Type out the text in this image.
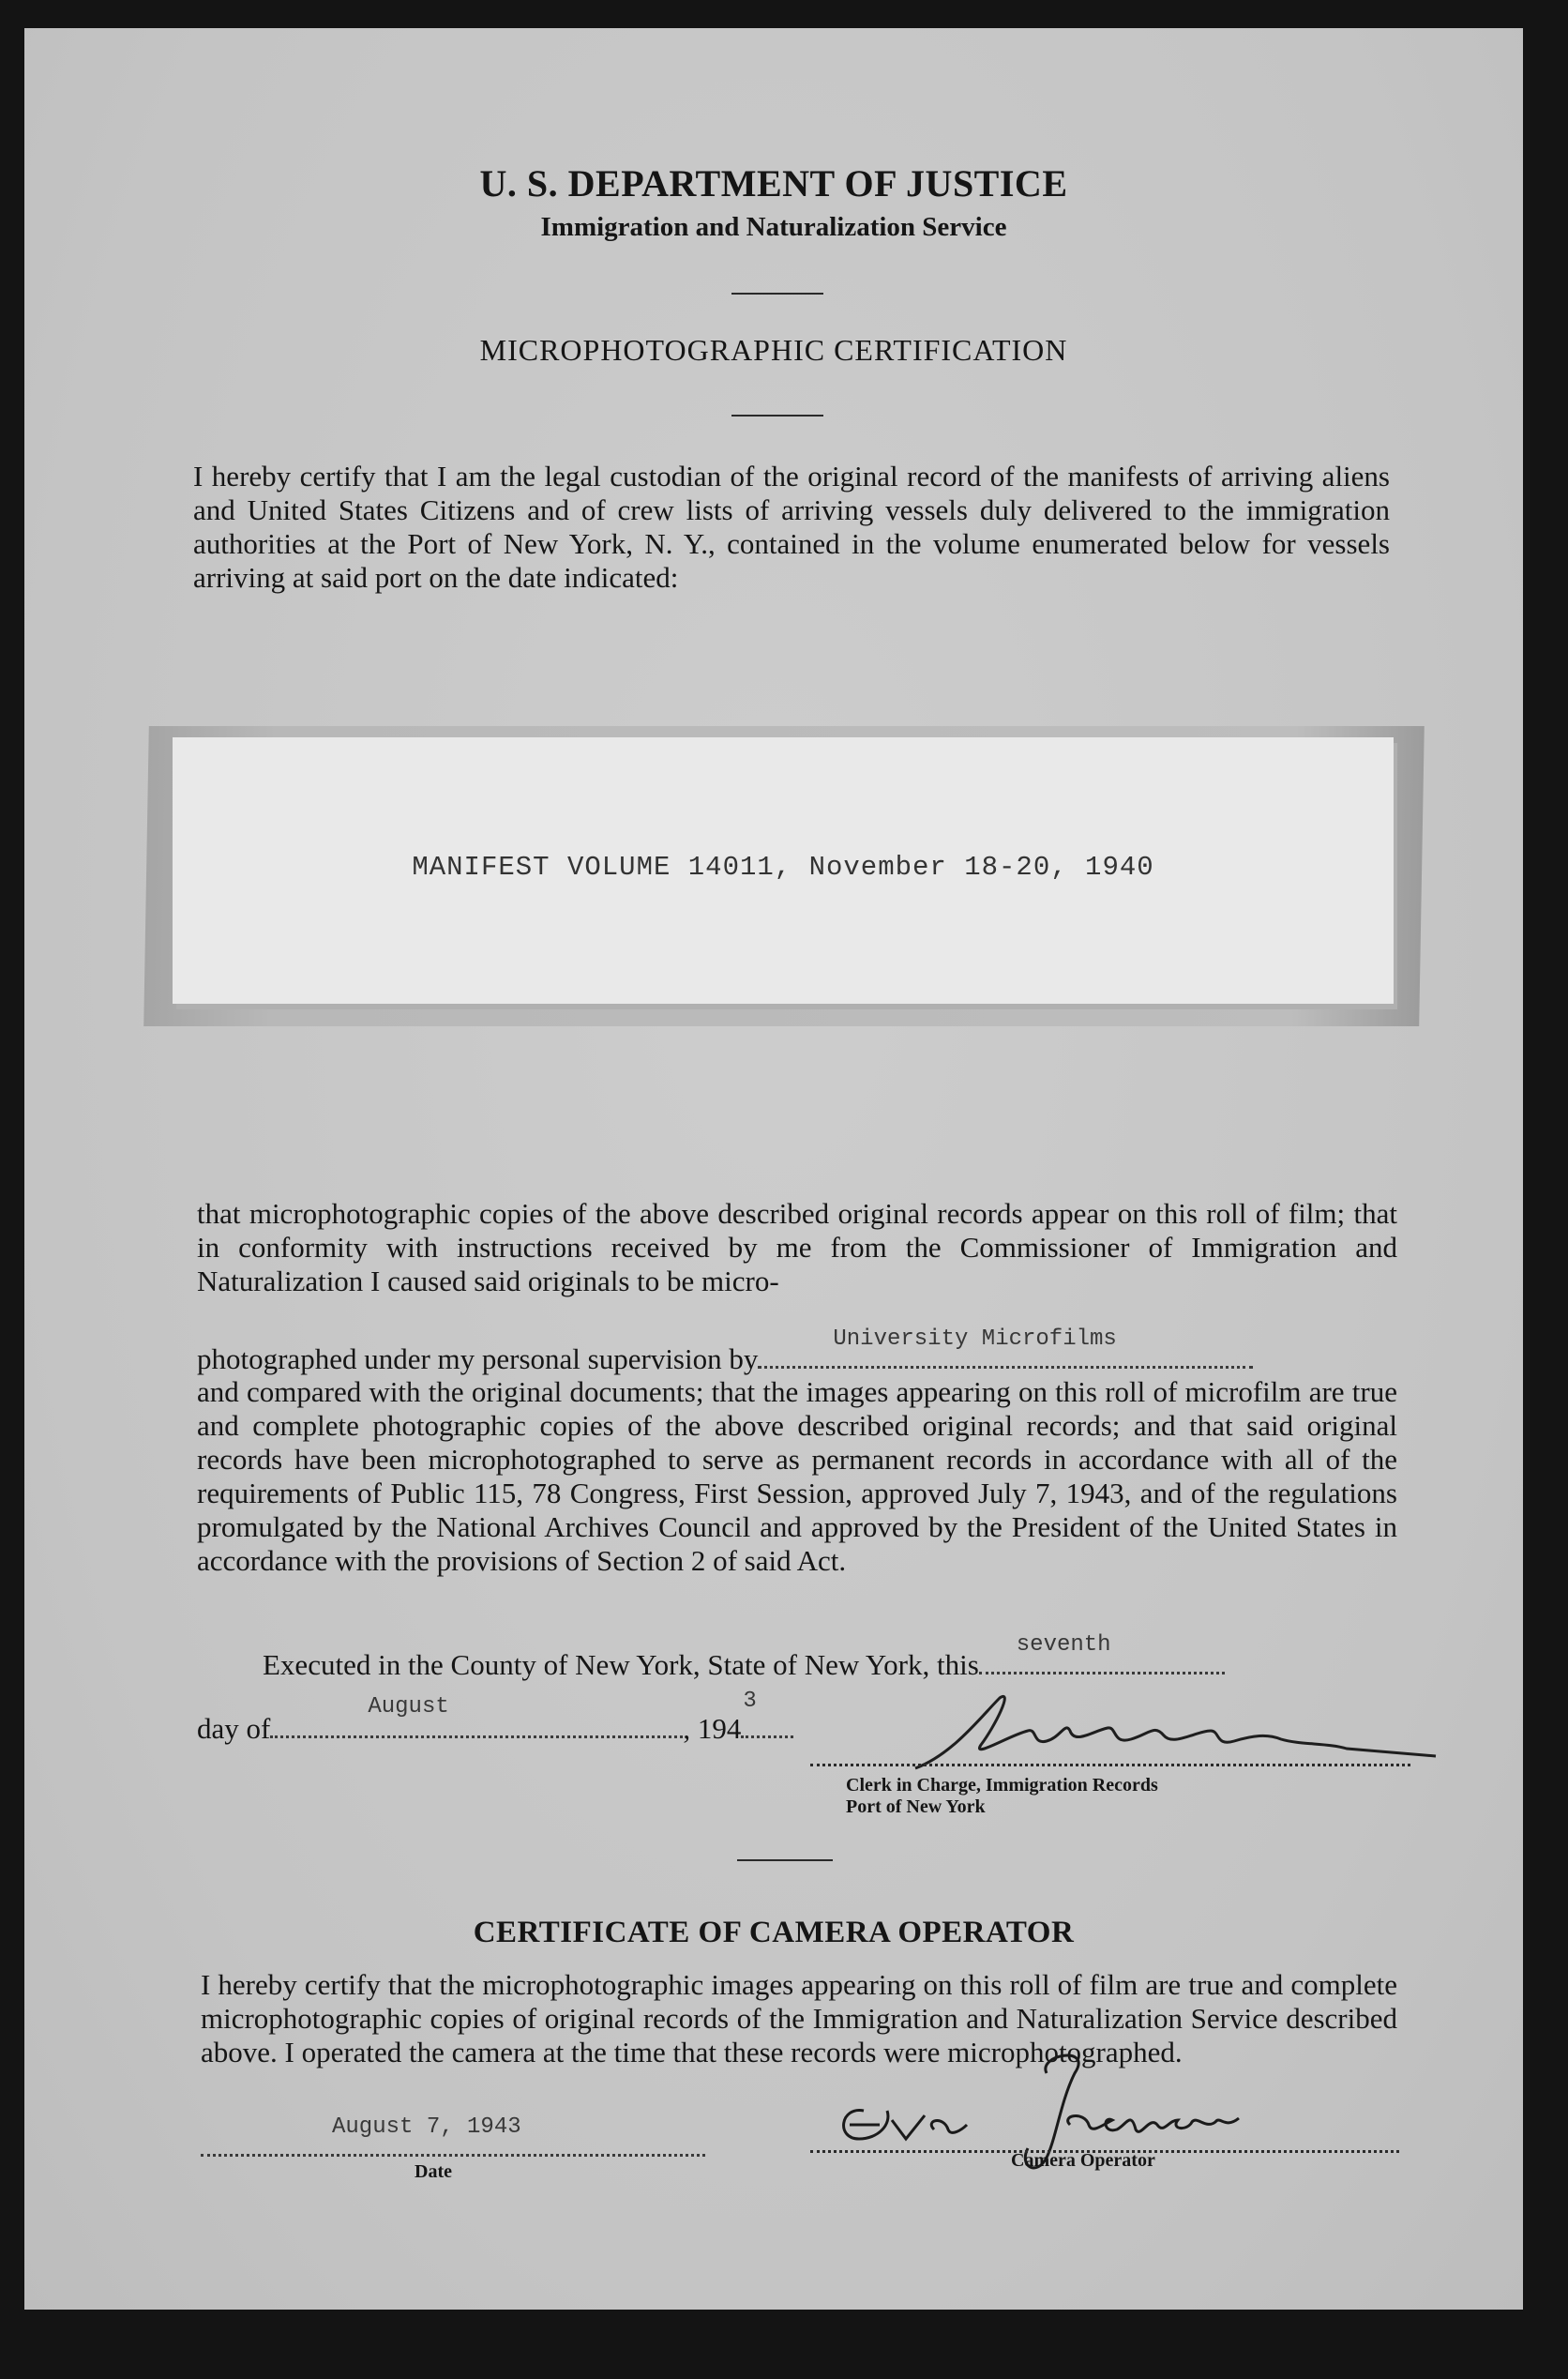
U. S. DEPARTMENT OF JUSTICE
Immigration and Naturalization Service
MICROPHOTOGRAPHIC CERTIFICATION

I hereby certify that I am the legal custodian of the original record of the manifests of arriving aliens and United States Citizens and of crew lists of arriving vessels duly delivered to the immigration authorities at the Port of New York, N. Y., contained in the volume enumerated below for vessels arriving at said port on the date indicated:

MANIFEST VOLUME 14011, November 18-20, 1940

that microphotographic copies of the above described original records appear on this roll of film; that in conformity with instructions received by me from the Commissioner of Immigration and Naturalization I caused said originals to be micro-

photographed under my personal supervision by
University Microfilms

and compared with the original documents; that the images appearing on this roll of microfilm are true and complete photographic copies of the above described original records; and that said original records have been microphotographed to serve as permanent records in accordance with all of the requirements of Public 115, 78 Congress, First Session, approved July 7, 1943, and of the regulations promulgated by the National Archives Council and approved by the President of the United States in accordance with the provisions of Section 2 of said Act.

Executed in the County of New York, State of New York, this
seventh
day of
August
, 194
3
Clerk in Charge, Immigration Records
Port of New York
CERTIFICATE OF CAMERA OPERATOR

I hereby certify that the microphotographic images appearing on this roll of film are true and complete microphotographic copies of original records of the Immigration and Naturalization Service described above. I operated the camera at the time that these records were microphotographed.

August 7, 1943
Date
Camera Operator
